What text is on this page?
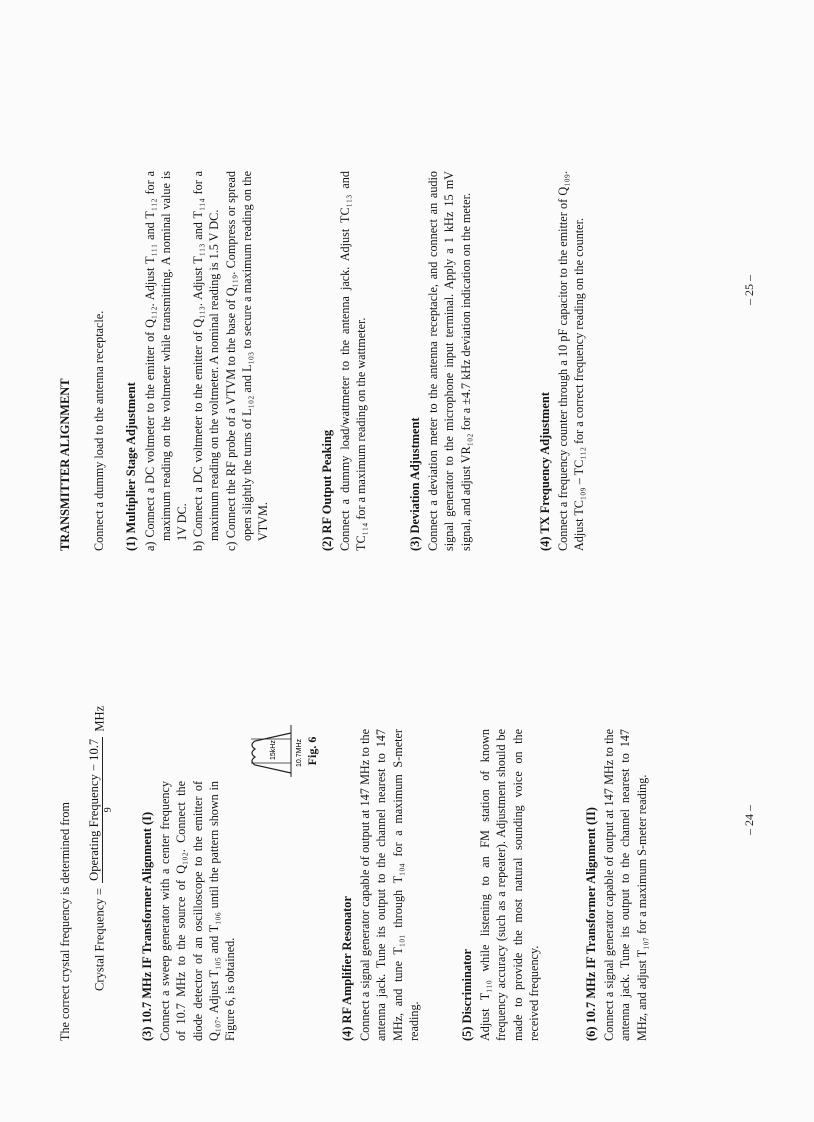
The correct crystal frequency is determined from	Crystal Frequency =
Operating Frequency − 10.7 9
MHz
(3) 10.7 MHz IF Transformer Alignment (I) Connect a sweep generator with a center frequency of 10.7 MHz to the source of Q₁₀₂. Connect the diode detector of an oscilloscope to the emitter of Q₁₀₇. Adjust T₁₀₅ and T₁₀₆ until the pattern shown in Figure 6, is obtained.

15kHz	10.7MHz Fig. 6
(4) RF Amplifier Resonator Connect a signal generator capable of output at 147 MHz to the antenna jack. Tune its output to the channel nearest to 147 MHz, and tune T₁₀₁ through T₁₀₄ for a maximum S-meter reading.	(5) Discriminator Adjust T₁₁₀ while listening to an FM station of known frequency accuracy (such as a repeater). Adjustment should be made to provide the most natural sounding voice on the received frequency.	(6) 10.7 MHz IF Transformer Alignment (II) Connect a signal generator capable of output at 147 MHz to the antenna jack. Tune its output to the channel nearest to 147 MHz, and adjust T₁₀₇ for a maximum S-meter reading.	– 24 –
TRANSMITTER ALIGNMENT Connect a dummy load to the antenna receptacle. (1) Multiplier Stage Adjustment a) Connect a DC voltmeter to the emitter of Q₁₁₂. Adjust T₁₁₁ and T₁₁₂ for a maximum reading on the voltmeter while transmitting. A nominal value is 1V DC. b) Connect a DC voltmeter to the emitter of Q₁₁₃. Adjust T₁₁₃ and T₁₁₄ for a maximum reading on the voltmeter. A nominal reading is 1.5 V DC. c) Connect the RF probe of a VTVM to the base of Q₁₁₉. Compress or spread open slightly the turns of L₁₀₂ and L₁₀₃ to secure a maximum reading on the VTVM.	(2) RF Output Peaking Connect a dummy load/wattmeter to the antenna jack. Adjust TC₁₁₃ and TC₁₁₄ for a maximum reading on the wattmeter.	(3) Deviation Adjustment Connect a deviation meter to the antenna receptacle, and connect an audio signal generator to the microphone input terminal. Apply a 1 kHz 15 mV signal, and adjust VR₁₀₂ for a ±4.7 kHz deviation indication on the meter.	(4) TX Frequency Adjustment Connect a frequency counter through a 10 pF capacitor to the emitter of Q₁₀₉. Adjust TC₁₀₉ – TC₁₁₂ for a correct frequency reading on the counter.	– 25 –
